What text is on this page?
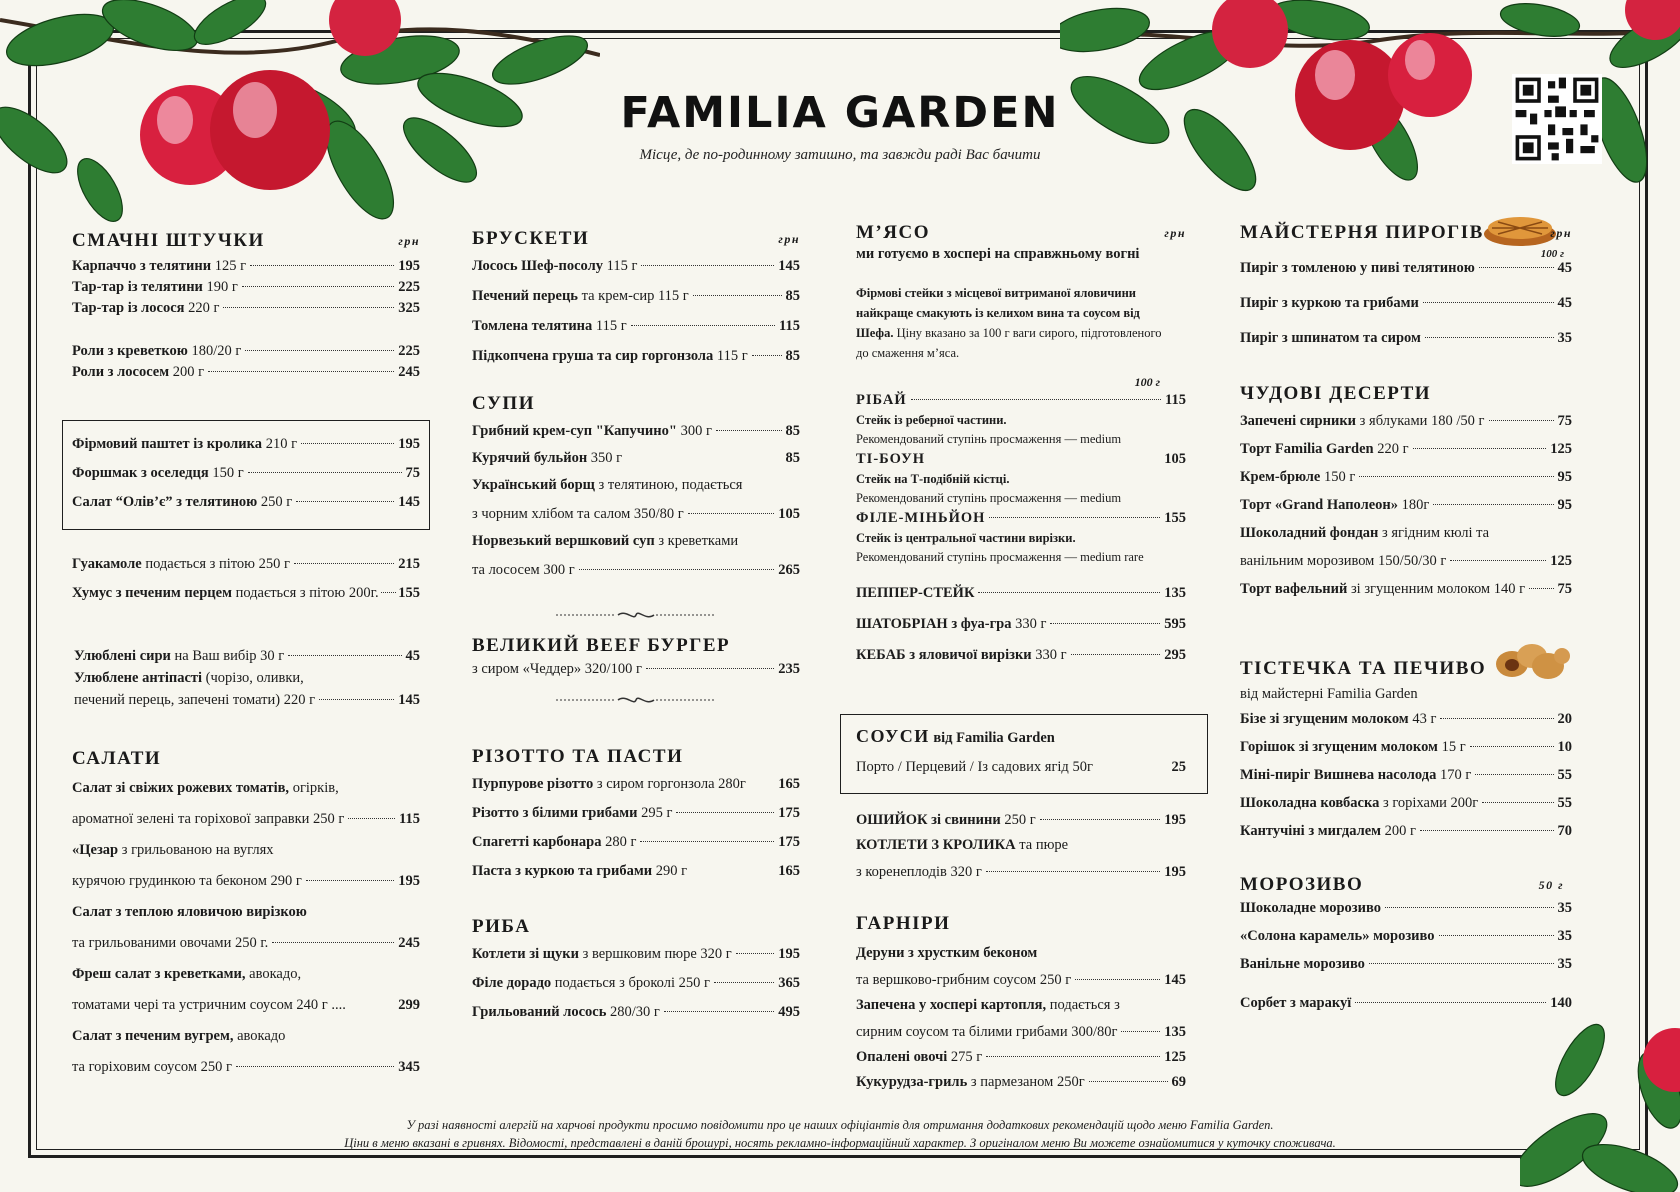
FAMILIA GARDEN
Місце, де по-родинному затишно, та завжди раді Вас бачити
СМАЧНІ ШТУЧКИ	грн
Карпаччо з телятини 125 г	195
Тар-тар із телятини 190 г	225
Тар-тар із лосося 220 г	325
Роли з креветкою 180/20 г	225
Роли з лососем 200 г	245
Фірмовий паштет із кролика 210 г	195
Форшмак з оселедця 150 г	75
Салат “Олів’є” з телятиною 250 г	145
Гуакамоле подається з пітою 250 г	215
Хумус з печеним перцем подається з пітою 200г. 155
Улюблені сири на Ваш вибір 30 г	45
Улюблене антіпасті (чорізо, оливки,
печений перець, запечені томати) 220 г	145
САЛАТИ
Салат зі свіжих рожевих томатів, огірків,
ароматної зелені та горіхової заправки 250 г	115
«Цезар з грильованою на вуглях
курячою грудинкою та беконом 290 г	195
Салат з теплою яловичою вирізкою
та грильованими овочами 250 г.	245
Фреш салат з креветками, авокадо,
томатами черi та устричним соусом 240 г ....	299
Салат з печеним вугрем, авокадо
та горіховим соусом 250 г	345
БРУСКЕТИ	грн
Лосось Шеф-посолу 115 г	145
Печений перець та крем-сир 115 г	85
Томлена телятина 115 г	115
Підкопчена груша та сир горгонзола 115 г	85
СУПИ
Грибний крем-суп "Капучино" 300 г	85
Курячий бульйон 350 г	85
Український борщ з телятиною, подається
з чорним хлібом та салом 350/80 г	105
Норвезький вершковий суп з креветками
та лососем 300 г	265
ВЕЛИКИЙ BEEF БУРГЕР
з сиром «Чеддер» 320/100 г	235
РІЗОТТО ТА ПАСТИ
Пурпурове різотто з сиром горгонзола 280г 165
Різотто з білими грибами 295 г	175
Спагетті карбонара 280 г	175
Паста з куркою та грибами 290 г	165
РИБА
Котлети зі щуки з вершковим пюре 320 г	195
Філе дорадо подається з броколі 250 г	365
Грильований лосось 280/30 г	495
М’ЯСО	грн
ми готуємо в хоспері на справжньому вогні
Фірмові стейки з місцевої витриманої яловичини
найкраще смакують із келихом вина та соусом від
Шефа. Ціну вказано за 100 г ваги сирого, підготовленого
до смаження м’яса.
100 г
РІБАЙ	115
Стейк із реберної частини.
Рекомендований ступінь просмаження — medium
ТІ-БОУН	105
Стейк на Т-подібній кістці.
Рекомендований ступінь просмаження — medium
ФІЛЕ-МІНЬЙОН	155
Стейк із центральної частини вирізки.
Рекомендований ступінь просмаження — medium rare
ПЕППЕР-СТЕЙК	135
ШАТОБРІАН з фуа-гра 330 г	595
КЕБАБ з яловичої вирізки 330 г	295
СОУСИ від Familia Garden
Порто / Перцевий / Із садових ягід 50г	25
ОШИЙОК зі свинини 250 г	195
КОТЛЕТИ З КРОЛИКА та пюре
з коренеплодів 320 г	195
ГАРНІРИ
Деруни з хрустким беконом
та вершково-грибним соусом 250 г	145
Запечена у хоспері картопля, подається з
сирним соусом та білими грибами 300/80г	135
Опалені овочі 275 г	125
Кукурудза-гриль з пармезаном 250г	69
МАЙСТЕРНЯ ПИРОГІВ	грн
100 г
Пиріг з томленою у пиві телятиною	45
Пиріг з куркою та грибами	45
Пиріг з шпинатом та сиром	35
ЧУДОВІ ДЕСЕРТИ
Запечені сирники з яблуками 180 /50 г	75
Торт Familia Garden 220 г	125
Крем-брюле 150 г	95
Торт «Grand Наполеон» 180г	95
Шоколадний фондан з ягідним кюлі та
ванільним морозивом 150/50/30 г	125
Торт вафельний зі згущенним молоком 140 г 75
ТІСТЕЧКА ТА ПЕЧИВО
від майстерні Familia Garden
Бізе зі згущеним молоком 43 г	20
Горішок зі згущеним молоком 15 г	10
Міні-пиріг Вишнева насолода 170 г	55
Шоколадна ковбаска з горіхами 200г	55
Кантучіні з мигдалем 200 г	70
МОРОЗИВО	50 г
Шоколадне морозиво	35
«Солона карамель» морозиво	35
Ванільне морозиво	35
Сорбет з маракуї	140
У разі наявності алергій на харчові продукти просимо повідомити про це наших офіціантів для отримання додаткових рекомендацій щодо меню Familia Garden.
Ціни в меню вказані в гривнях. Відомості, представлені в даній брошурі, носять рекламно-інформаційний характер. З оригіналом меню Ви можете ознайомитися у куточку споживача.
